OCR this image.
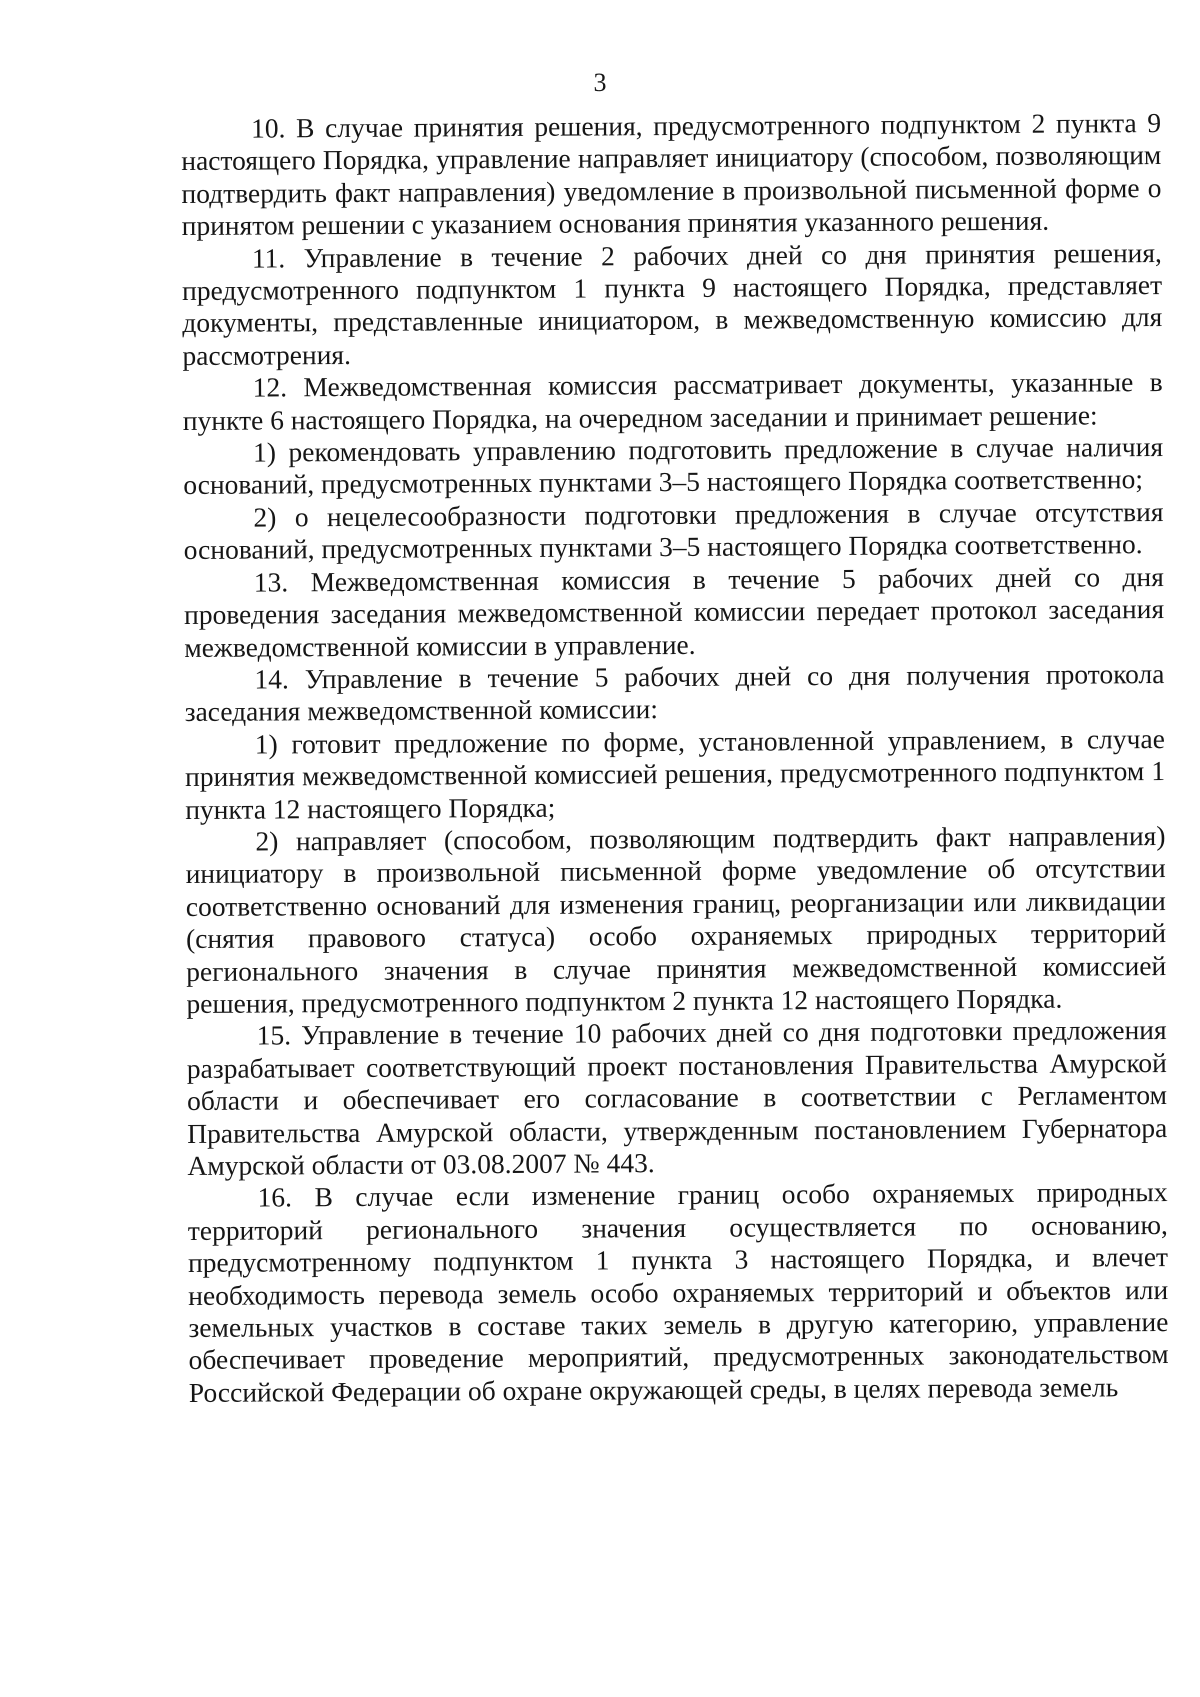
3

10. В случае принятия решения, предусмотренного подпунктом 2 пункта 9 настоящего Порядка, управление направляет инициатору (способом, позволяющим подтвердить факт направления) уведомление в произвольной письменной форме о принятом решении с указанием основания принятия указанного решения.

11. Управление в течение 2 рабочих дней со дня принятия решения, предусмотренного подпунктом 1 пункта 9 настоящего Порядка, представляет документы, представленные инициатором, в межведомственную комиссию для рассмотрения.

12. Межведомственная комиссия рассматривает документы, указанные в пункте 6 настоящего Порядка, на очередном заседании и принимает решение:

1) рекомендовать управлению подготовить предложение в случае наличия оснований, предусмотренных пунктами 3–5 настоящего Порядка соответственно;

2) о нецелесообразности подготовки предложения в случае отсутствия оснований, предусмотренных пунктами 3–5 настоящего Порядка соответственно.

13. Межведомственная комиссия в течение 5 рабочих дней со дня проведения заседания межведомственной комиссии передает протокол заседания межведомственной комиссии в управление.

14. Управление в течение 5 рабочих дней со дня получения протокола заседания межведомственной комиссии:

1) готовит предложение по форме, установленной управлением, в случае принятия межведомственной комиссией решения, предусмотренного подпунктом 1 пункта 12 настоящего Порядка;

2) направляет (способом, позволяющим подтвердить факт направления) инициатору в произвольной письменной форме уведомление об отсутствии соответственно оснований для изменения границ, реорганизации или ликвидации (снятия правового статуса) особо охраняемых природных территорий регионального значения в случае принятия межведомственной комиссией решения, предусмотренного подпунктом 2 пункта 12 настоящего Порядка.

15. Управление в течение 10 рабочих дней со дня подготовки предложения разрабатывает соответствующий проект постановления Правительства Амурской области и обеспечивает его согласование в соответствии с Регламентом Правительства Амурской области, утвержденным постановлением Губернатора Амурской области от 03.08.2007 № 443.

16. В случае если изменение границ особо охраняемых природных территорий регионального значения осуществляется по основанию, предусмотренному подпунктом 1 пункта 3 настоящего Порядка, и влечет необходимость перевода земель особо охраняемых территорий и объектов или земельных участков в составе таких земель в другую категорию, управление обеспечивает проведение мероприятий, предусмотренных законодательством Российской Федерации об охране окружающей среды, в целях перевода земель
